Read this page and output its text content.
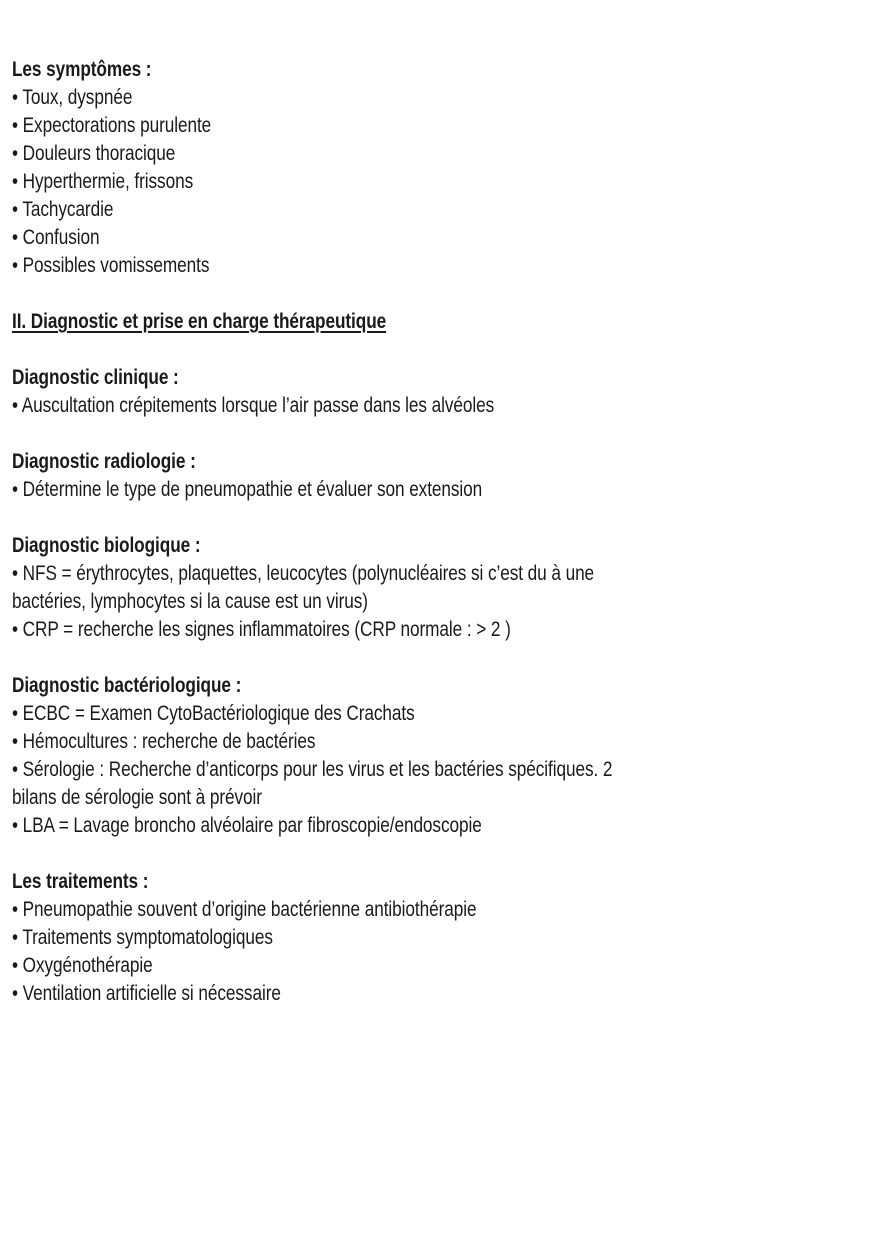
Les symptômes :
• Toux, dyspnée
• Expectorations purulente
• Douleurs thoracique
• Hyperthermie, frissons
• Tachycardie
• Confusion
• Possibles vomissements
II. Diagnostic et prise en charge thérapeutique
Diagnostic clinique :
• Auscultation crépitements lorsque l’air passe dans les alvéoles
Diagnostic radiologie :
• Détermine le type de pneumopathie et évaluer son extension
Diagnostic biologique :
• NFS = érythrocytes, plaquettes, leucocytes (polynucléaires si c’est du à une
bactéries, lymphocytes si la cause est un virus)
• CRP = recherche les signes inflammatoires (CRP normale : > 2 )
Diagnostic bactériologique :
• ECBC = Examen CytoBactériologique des Crachats
• Hémocultures : recherche de bactéries
• Sérologie : Recherche d’anticorps pour les virus et les bactéries spécifiques. 2
bilans de sérologie sont à prévoir
• LBA = Lavage broncho alvéolaire par fibroscopie/endoscopie
Les traitements :
• Pneumopathie souvent d’origine bactérienne antibiothérapie
• Traitements symptomatologiques
• Oxygénothérapie
• Ventilation artificielle si nécessaire
